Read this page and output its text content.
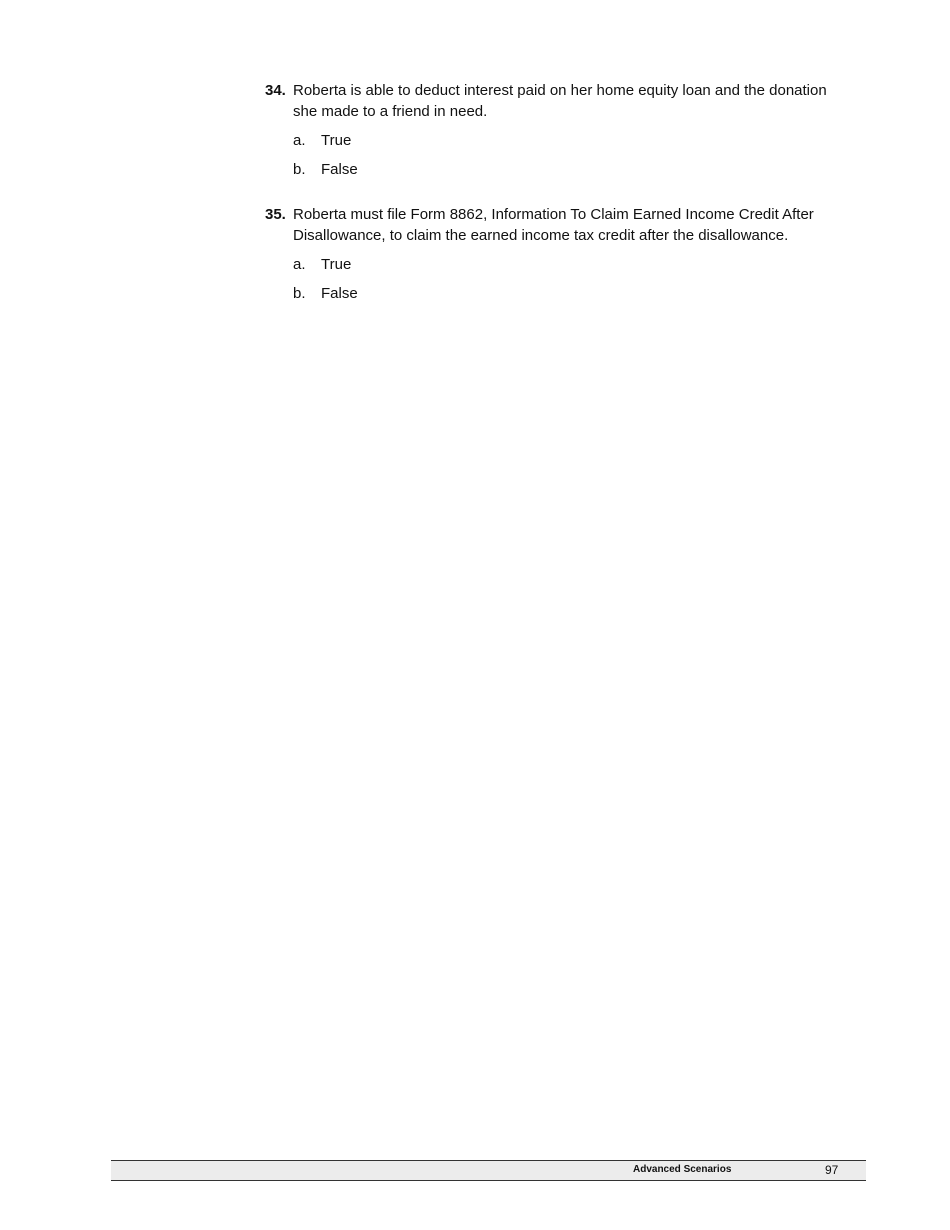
34. Roberta is able to deduct interest paid on her home equity loan and the donation she made to a friend in need.
a.	True
b.	False
35. Roberta must file Form 8862, Information To Claim Earned Income Credit After Disallowance, to claim the earned income tax credit after the disallowance.
a.	True
b.	False
Advanced Scenarios	97
